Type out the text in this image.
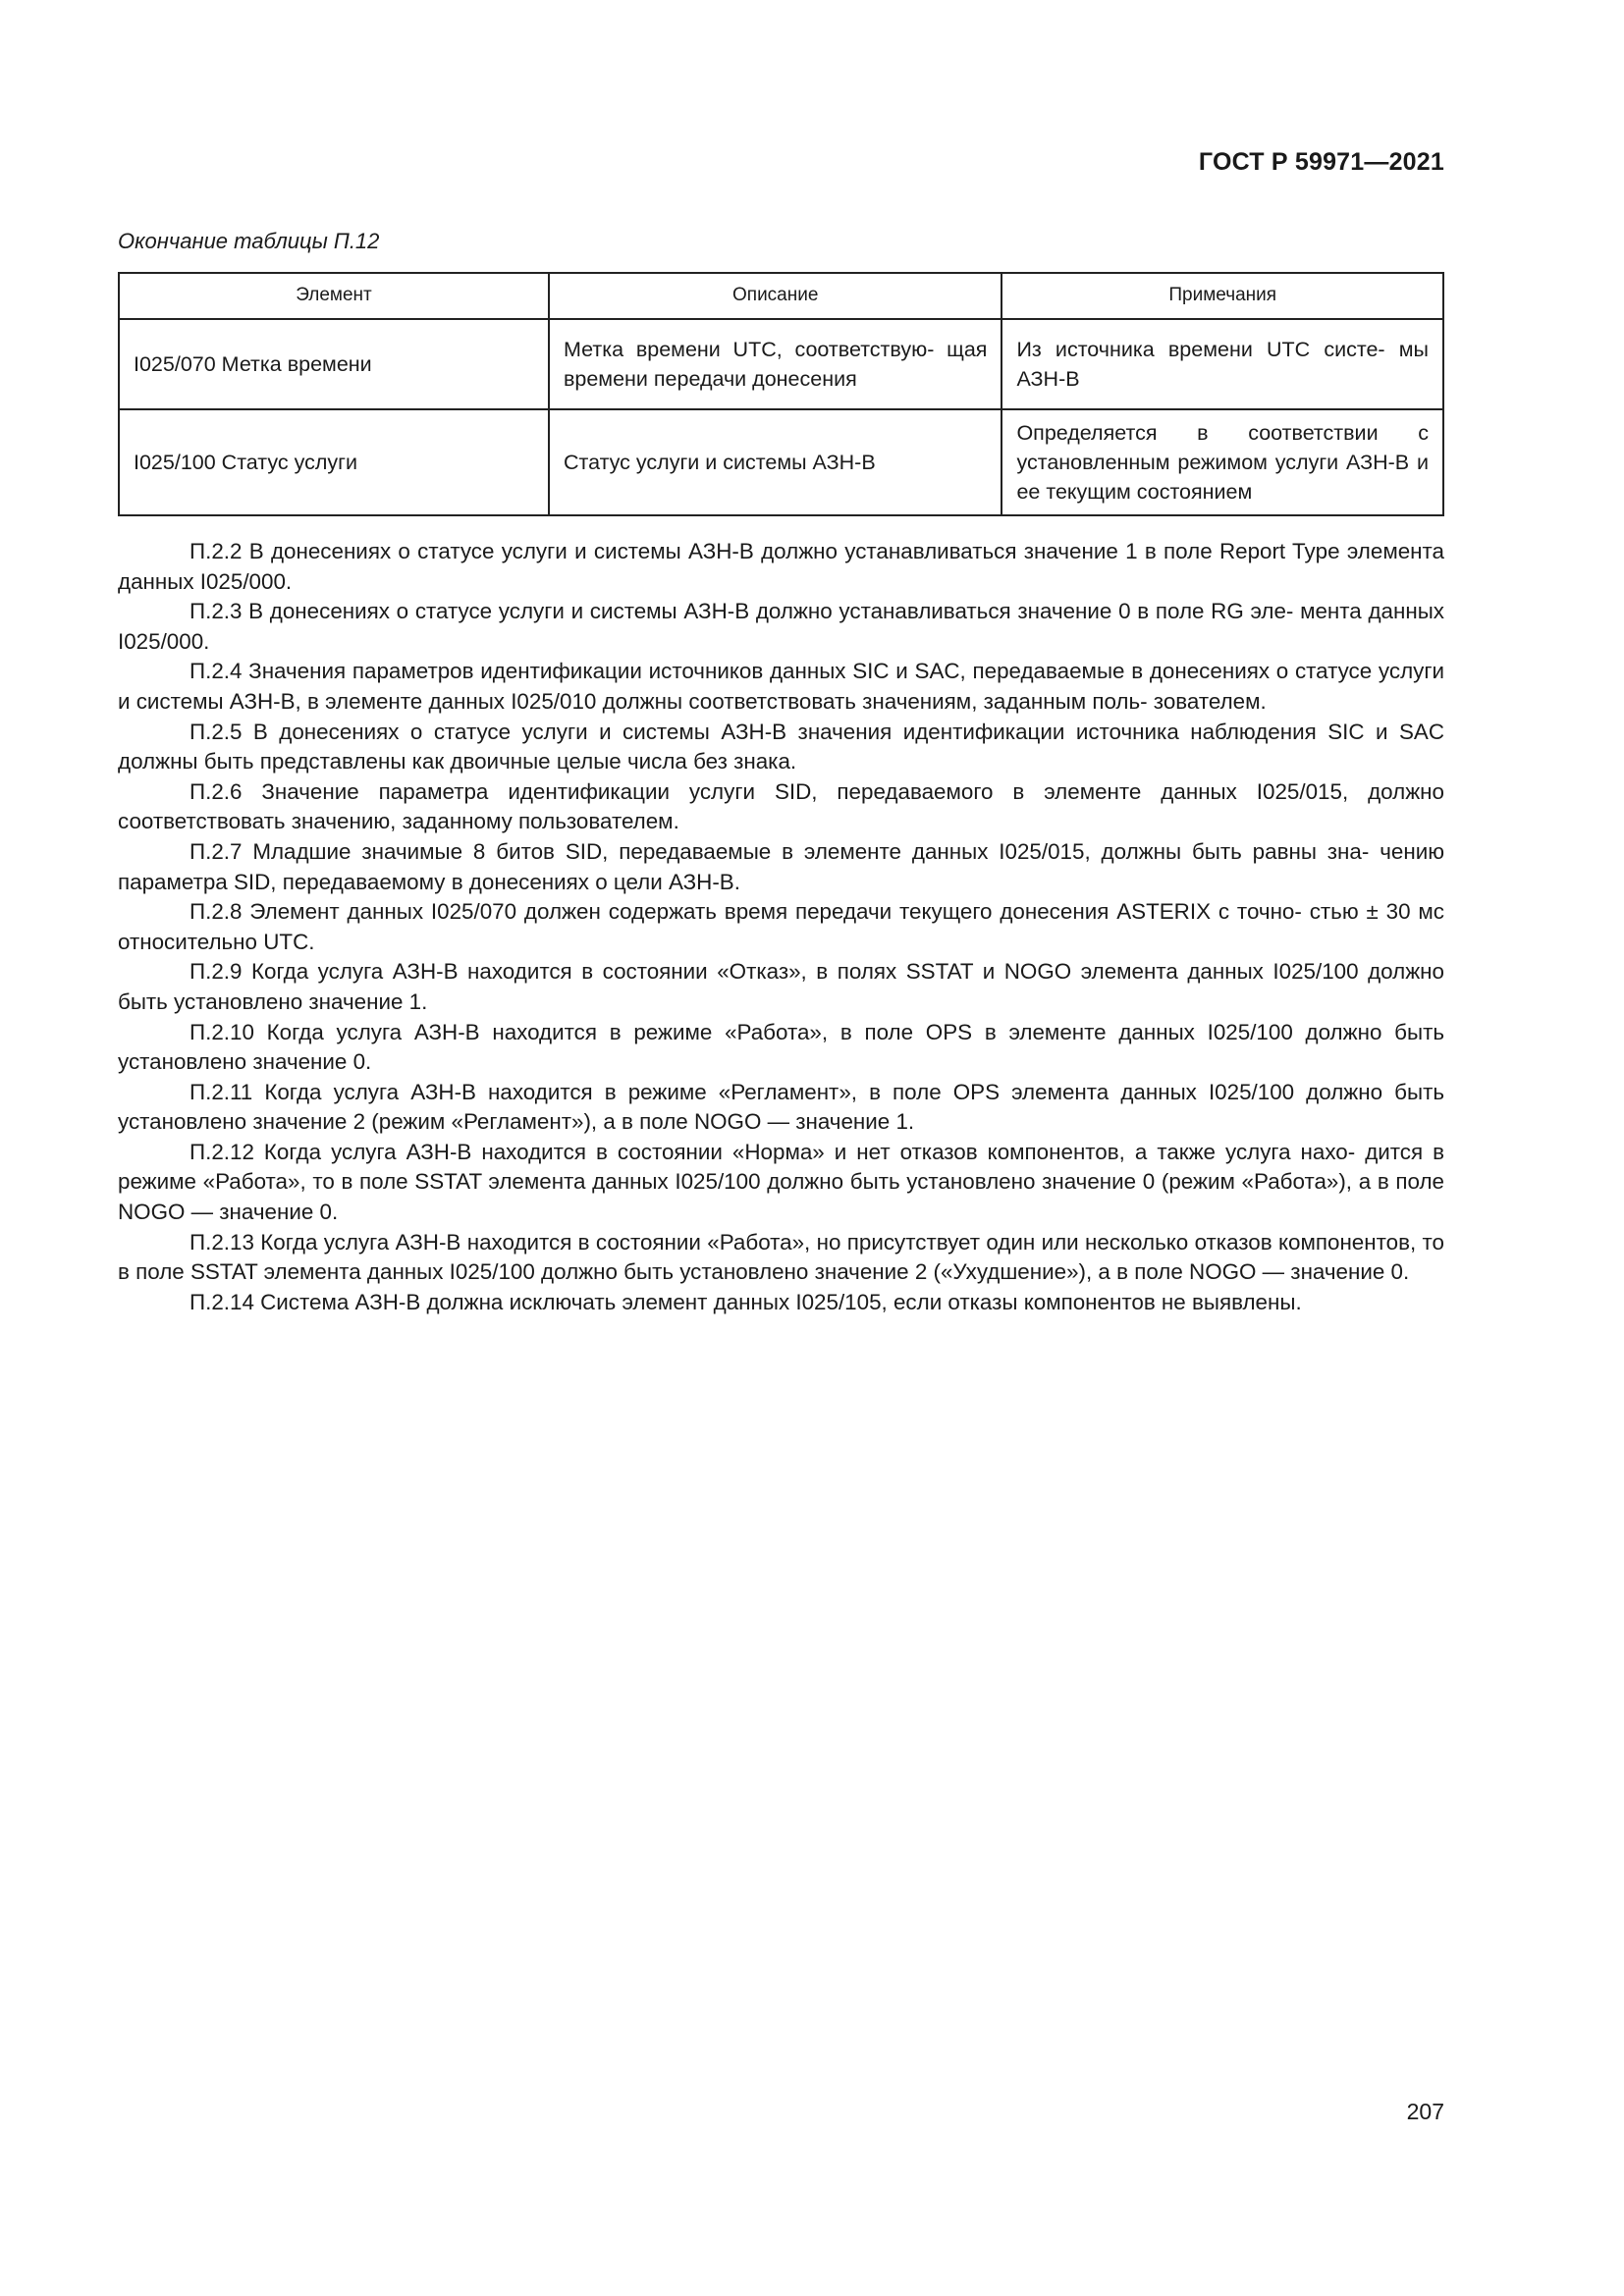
ГОСТ Р 59971—2021
Окончание таблицы П.12
Элемент	Описание	Примечания
I025/070 Метка времени	Метка времени UTC, соответствую- щая времени передачи донесения	Из источника времени UTC систе- мы АЗН-В
I025/100 Статус услуги	Статус услуги и системы АЗН-В	Определяется в соответствии с установленным режимом услуги АЗН-В и ее текущим состоянием

П.2.2 В донесениях о статусе услуги и системы АЗН-В должно устанавливаться значение 1 в поле Report Type элемента данных I025/000.

П.2.3 В донесениях о статусе услуги и системы АЗН-В должно устанавливаться значение 0 в поле RG эле- мента данных I025/000.

П.2.4 Значения параметров идентификации источников данных SIC и SAC, передаваемые в донесениях о статусе услуги и системы АЗН-В, в элементе данных I025/010 должны соответствовать значениям, заданным поль- зователем.

П.2.5 В донесениях о статусе услуги и системы АЗН-В значения идентификации источника наблюдения SIC и SAC должны быть представлены как двоичные целые числа без знака.

П.2.6 Значение параметра идентификации услуги SID, передаваемого в элементе данных I025/015, должно соответствовать значению, заданному пользователем.

П.2.7 Младшие значимые 8 битов SID, передаваемые в элементе данных I025/015, должны быть равны зна- чению параметра SID, передаваемому в донесениях о цели АЗН-В.

П.2.8 Элемент данных I025/070 должен содержать время передачи текущего донесения ASTERIX с точно- стью ± 30 мс относительно UTC.

П.2.9 Когда услуга АЗН-В находится в состоянии «Отказ», в полях SSTAT и NOGO элемента данных I025/100 должно быть установлено значение 1.

П.2.10 Когда услуга АЗН-В находится в режиме «Работа», в поле OPS в элементе данных I025/100 должно быть установлено значение 0.

П.2.11 Когда услуга АЗН-В находится в режиме «Регламент», в поле OPS элемента данных I025/100 должно быть установлено значение 2 (режим «Регламент»), а в поле NOGO — значение 1.

П.2.12 Когда услуга АЗН-В находится в состоянии «Норма» и нет отказов компонентов, а также услуга нахо- дится в режиме «Работа», то в поле SSTAT элемента данных I025/100 должно быть установлено значение 0 (режим «Работа»), а в поле NOGO — значение 0.

П.2.13 Когда услуга АЗН-В находится в состоянии «Работа», но присутствует один или несколько отказов компонентов, то в поле SSTAT элемента данных I025/100 должно быть установлено значение 2 («Ухудшение»), а в поле NOGO — значение 0.

П.2.14 Система АЗН-В должна исключать элемент данных I025/105, если отказы компонентов не выявлены.

207
